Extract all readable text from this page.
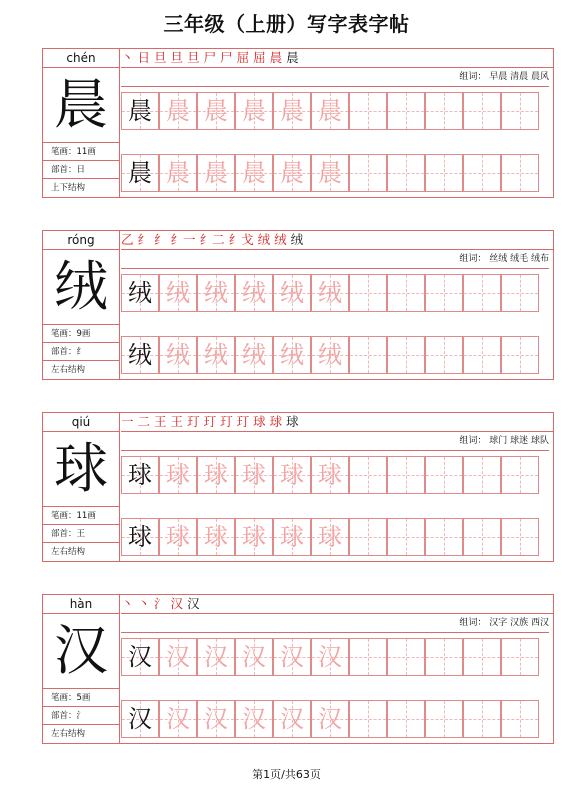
三年级（上册）写字表字帖
chén
晨
笔画：11画
部首：日
上下结构
丶 日 旦 旦 旦 尸 尸 屈 屈 晨 晨
组词： 早晨 清晨 晨风
晨 晨 晨 晨 晨 晨
晨 晨 晨 晨 晨 晨
róng
绒
笔画：9画
部首：纟
左右结构
乙 纟 纟 纟一 纟二 纟戈 绒 绒 绒
组词： 丝绒 绒毛 绒布
绒 绒 绒 绒 绒 绒
绒 绒 绒 绒 绒 绒
qiú
球
笔画：11画
部首：王
左右结构
一 二 王 王 玎 玎 玎 玎 球 球 球
组词： 球门 球迷 球队
球 球 球 球 球 球
球 球 球 球 球 球
hàn
汉
笔画：5画
部首：氵
左右结构
丶 丶 氵 汉 汉
组词： 汉字 汉族 西汉
汉 汉 汉 汉 汉 汉
汉 汉 汉 汉 汉 汉
第1页/共63页
